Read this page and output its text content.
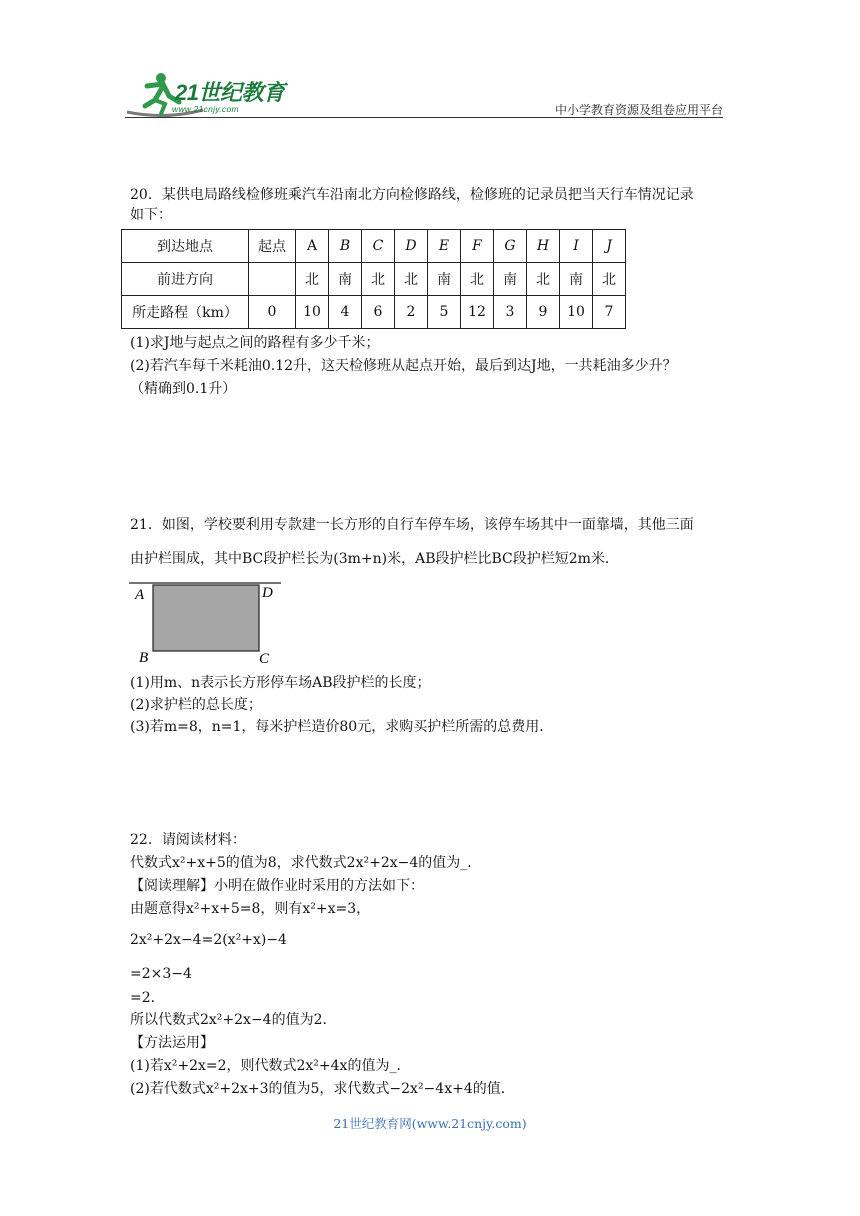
21世纪教育
www.21cnjy.com	中小学教育资源及组卷应用平台
20．某供电局路线检修班乘汽车沿南北方向检修路线，检修班的记录员把当天行车情况记录
如下：
到达地点	起点	A	B	C	D	E	F	G	H	I	J
前进方向		北	南	北	北	南	北	南	北	南	北
所走路程（km）	0	10	4	6	2	5	12	3	9	10	7
(1)求J地与起点之间的路程有多少千米；
(2)若汽车每千米耗油0.12升，这天检修班从起点开始，最后到达J地，一共耗油多少升？
（精确到0.1升）
21．如图，学校要利用专款建一长方形的自行车停车场，该停车场其中一面靠墙，其他三面
由护栏围成，其中BC段护栏长为(3m+n)米，AB段护栏比BC段护栏短2m米．
A	D
B	C
(1)用m、n表示长方形停车场AB段护栏的长度；
(2)求护栏的总长度；
(3)若m=8，n=1，每米护栏造价80元，求购买护栏所需的总费用．
22．请阅读材料：
代数式x²+x+5的值为8，求代数式2x²+2x−4的值为_．
【阅读理解】小明在做作业时采用的方法如下：
由题意得x²+x+5=8，则有x²+x=3，
2x²+2x−4=2(x²+x)−4
=2×3−4
=2．
所以代数式2x²+2x−4的值为2．
【方法运用】
(1)若x²+2x=2，则代数式2x²+4x的值为_．
(2)若代数式x²+2x+3的值为5，求代数式−2x²−4x+4的值．
21世纪教育网(www.21cnjy.com)
